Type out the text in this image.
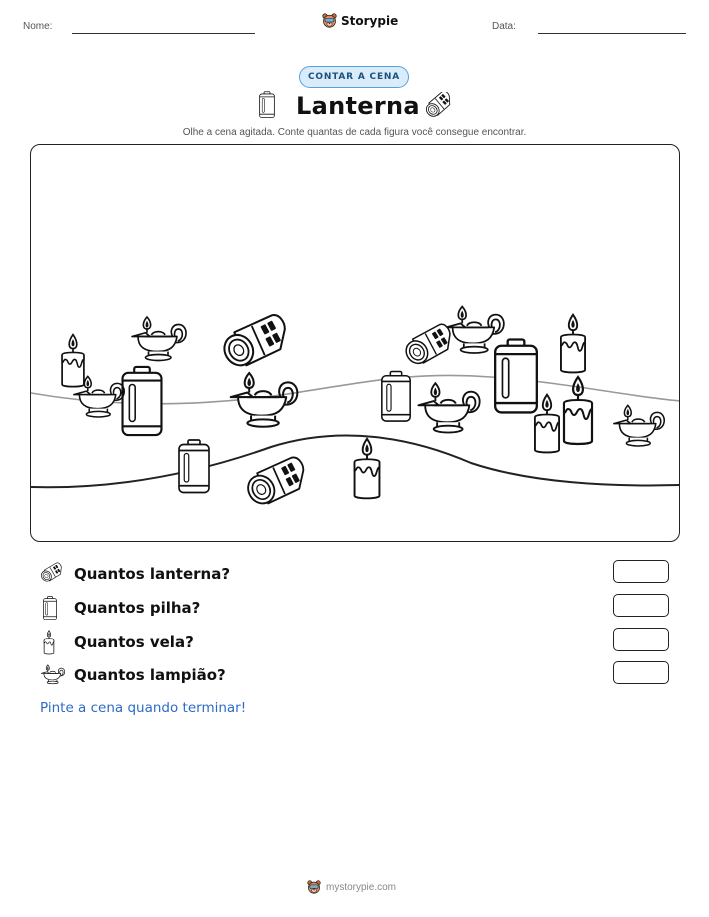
Nome:	Storypie	Data:
CONTAR A CENA
Lanterna
Olhe a cena agitada. Conte quantas de cada figura você consegue encontrar.
Quantos lanterna?
Quantos pilha?
Quantos vela?
Quantos lampião?
Pinte a cena quando terminar!
mystorypie.com
